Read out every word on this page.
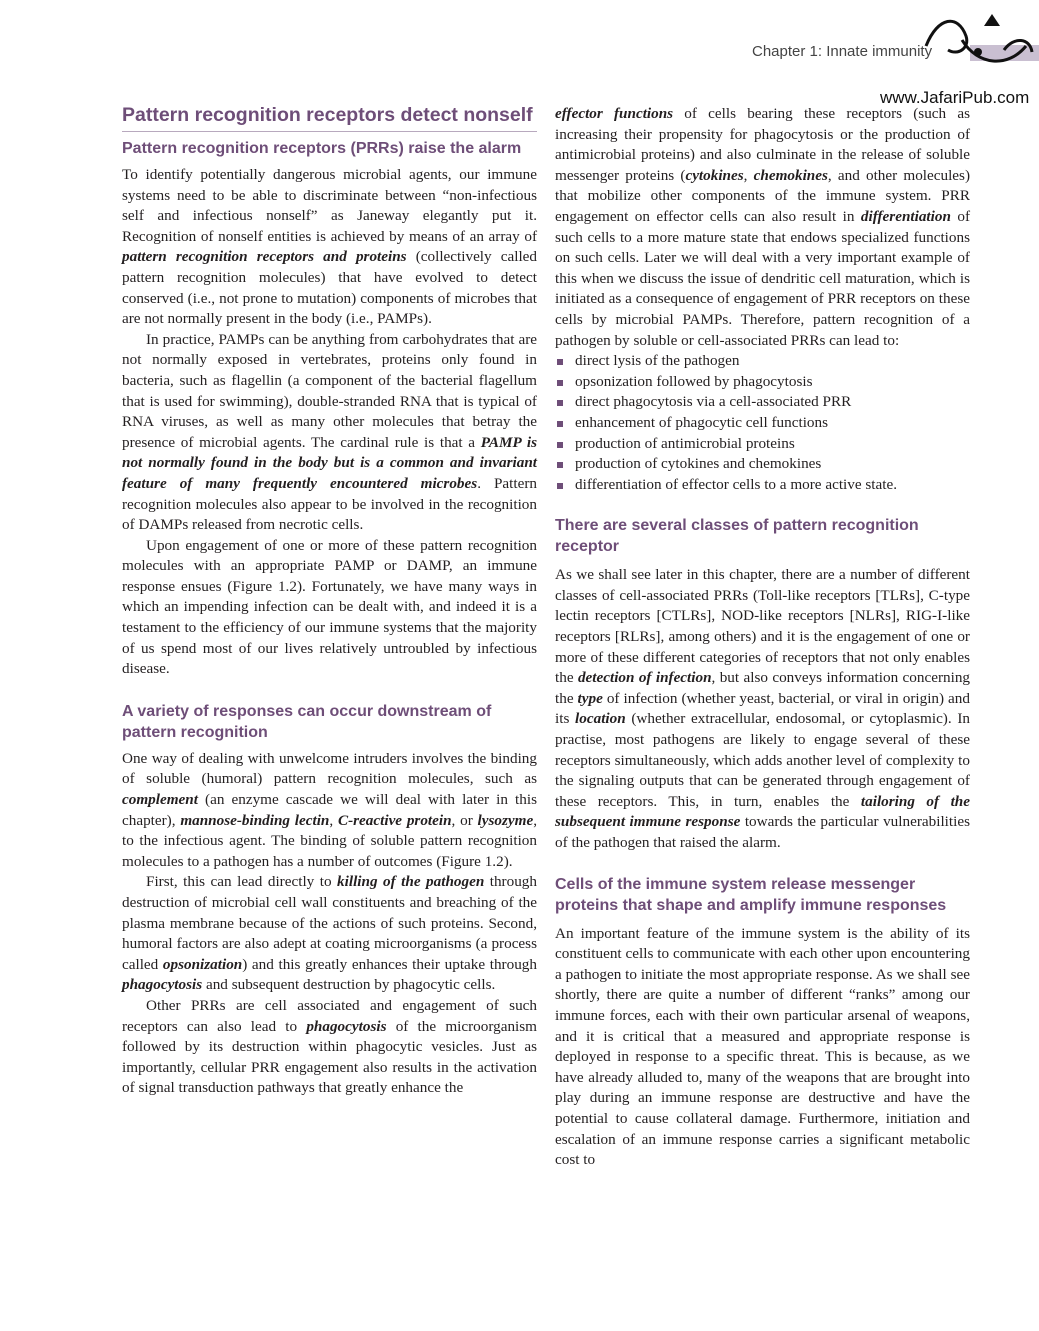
Chapter 1: Innate immunity
www.JafariPub.com
Pattern recognition receptors detect nonself
Pattern recognition receptors (PRRs) raise the alarm

To identify potentially dangerous microbial agents, our immune systems need to be able to discriminate between “non-infectious self and infectious nonself” as Janeway elegantly put it. Recognition of nonself entities is achieved by means of an array of pattern recognition receptors and proteins (collectively called pattern recognition molecules) that have evolved to detect conserved (i.e., not prone to mutation) components of microbes that are not normally present in the body (i.e., PAMPs).

In practice, PAMPs can be anything from carbohydrates that are not normally exposed in vertebrates, proteins only found in bacteria, such as flagellin (a component of the bacterial flagellum that is used for swimming), double-stranded RNA that is typical of RNA viruses, as well as many other molecules that betray the presence of microbial agents. The cardinal rule is that a PAMP is not normally found in the body but is a common and invariant feature of many frequently encountered microbes. Pattern recognition molecules also appear to be involved in the recognition of DAMPs released from necrotic cells.

Upon engagement of one or more of these pattern recognition molecules with an appropriate PAMP or DAMP, an immune response ensues (Figure 1.2). Fortunately, we have many ways in which an impending infection can be dealt with, and indeed it is a testament to the efficiency of our immune systems that the majority of us spend most of our lives relatively untroubled by infectious disease.

A variety of responses can occur downstream of pattern recognition

One way of dealing with unwelcome intruders involves the binding of soluble (humoral) pattern recognition molecules, such as complement (an enzyme cascade we will deal with later in this chapter), mannose-binding lectin, C-reactive protein, or lysozyme, to the infectious agent. The binding of soluble pattern recognition molecules to a pathogen has a number of outcomes (Figure 1.2).

First, this can lead directly to killing of the pathogen through destruction of microbial cell wall constituents and breaching of the plasma membrane because of the actions of such proteins. Second, humoral factors are also adept at coating microorganisms (a process called opsonization) and this greatly enhances their uptake through phagocytosis and subsequent destruction by phagocytic cells.

Other PRRs are cell associated and engagement of such receptors can also lead to phagocytosis of the microorganism followed by its destruction within phagocytic vesicles. Just as importantly, cellular PRR engagement also results in the activation of signal transduction pathways that greatly enhance the

effector functions of cells bearing these receptors (such as increasing their propensity for phagocytosis or the production of antimicrobial proteins) and also culminate in the release of soluble messenger proteins (cytokines, chemokines, and other molecules) that mobilize other components of the immune system. PRR engagement on effector cells can also result in differentiation of such cells to a more mature state that endows specialized functions on such cells. Later we will deal with a very important example of this when we discuss the issue of dendritic cell maturation, which is initiated as a consequence of engagement of PRR receptors on these cells by microbial PAMPs. Therefore, pattern recognition of a pathogen by soluble or cell-associated PRRs can lead to:

direct lysis of the pathogen
opsonization followed by phagocytosis
direct phagocytosis via a cell-associated PRR
enhancement of phagocytic cell functions
production of antimicrobial proteins
production of cytokines and chemokines
differentiation of effector cells to a more active state.
There are several classes of pattern recognition receptor

As we shall see later in this chapter, there are a number of different classes of cell-associated PRRs (Toll-like receptors [TLRs], C-type lectin receptors [CTLRs], NOD-like receptors [NLRs], RIG-I-like receptors [RLRs], among others) and it is the engagement of one or more of these different categories of receptors that not only enables the detection of infection, but also conveys information concerning the type of infection (whether yeast, bacterial, or viral in origin) and its location (whether extracellular, endosomal, or cytoplasmic). In practise, most pathogens are likely to engage several of these receptors simultaneously, which adds another level of complexity to the signaling outputs that can be generated through engagement of these receptors. This, in turn, enables the tailoring of the subsequent immune response towards the particular vulnerabilities of the pathogen that raised the alarm.

Cells of the immune system release messenger proteins that shape and amplify immune responses

An important feature of the immune system is the ability of its constituent cells to communicate with each other upon encountering a pathogen to initiate the most appropriate response. As we shall see shortly, there are quite a number of different “ranks” among our immune forces, each with their own particular arsenal of weapons, and it is critical that a measured and appropriate response is deployed in response to a specific threat. This is because, as we have already alluded to, many of the weapons that are brought into play during an immune response are destructive and have the potential to cause collateral damage. Furthermore, initiation and escalation of an immune response carries a significant metabolic cost to
